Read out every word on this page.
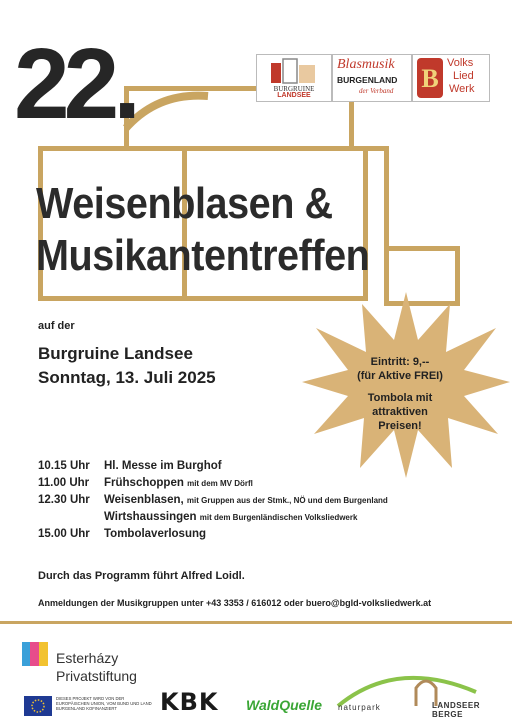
22.	BURGRUINE
LANDSEE
Blasmusik
BURGENLAND
der Verband B
Volks
Lied
Werk
Weisenblasen &
Musikantentreffen
auf der
Burgruine Landsee
Sonntag, 13. Juli 2025
Eintritt: 9,--
(für Aktive FREI)
Tombola mit
attraktiven
Preisen!
10.15 Uhr	Hl. Messe im Burghof
11.00 Uhr	Frühschoppen
mit dem MV Dörfl
12.30 Uhr	Weisenblasen,
mit Gruppen aus der Stmk., NÖ und dem Burgenland
Wirtshaussingen
mit dem Burgenländischen Volksliedwerk
15.00 Uhr	Tombolaverlosung
Durch das Programm führt Alfred Loidl.
Anmeldungen der Musikgruppen unter +43 3353 / 616012 oder buero@bgld-volksliedwerk.at
Esterházy
Privatstiftung
DIESES PROJEKT WIRD VON DER EUROPÄISCHEN UNION, VOM BUND UND LAND BURGENLAND KOFINANZIERT	KBK WaldQuelle naturpark	LANDSEER BERGE
